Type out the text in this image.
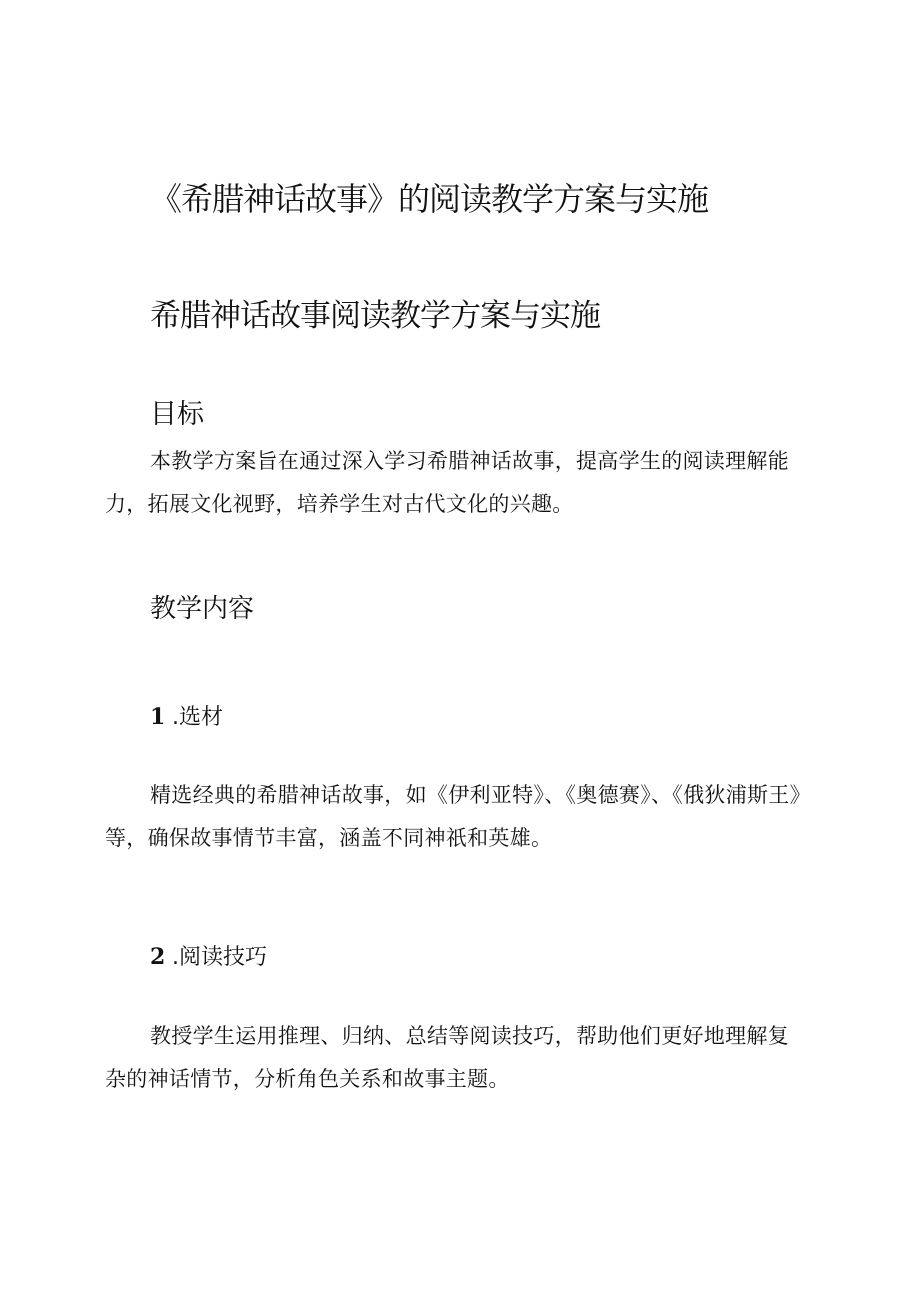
《希腊神话故事》的阅读教学方案与实施
希腊神话故事阅读教学方案与实施
目标
本教学方案旨在通过深入学习希腊神话故事，提高学生的阅读理解能力，拓展文化视野，培养学生对古代文化的兴趣。
教学内容
1 .选材
精选经典的希腊神话故事，如《伊利亚特》、《奥德赛》、《俄狄浦斯王》等，确保故事情节丰富，涵盖不同神祇和英雄。
2 .阅读技巧
教授学生运用推理、归纳、总结等阅读技巧，帮助他们更好地理解复杂的神话情节，分析角色关系和故事主题。
